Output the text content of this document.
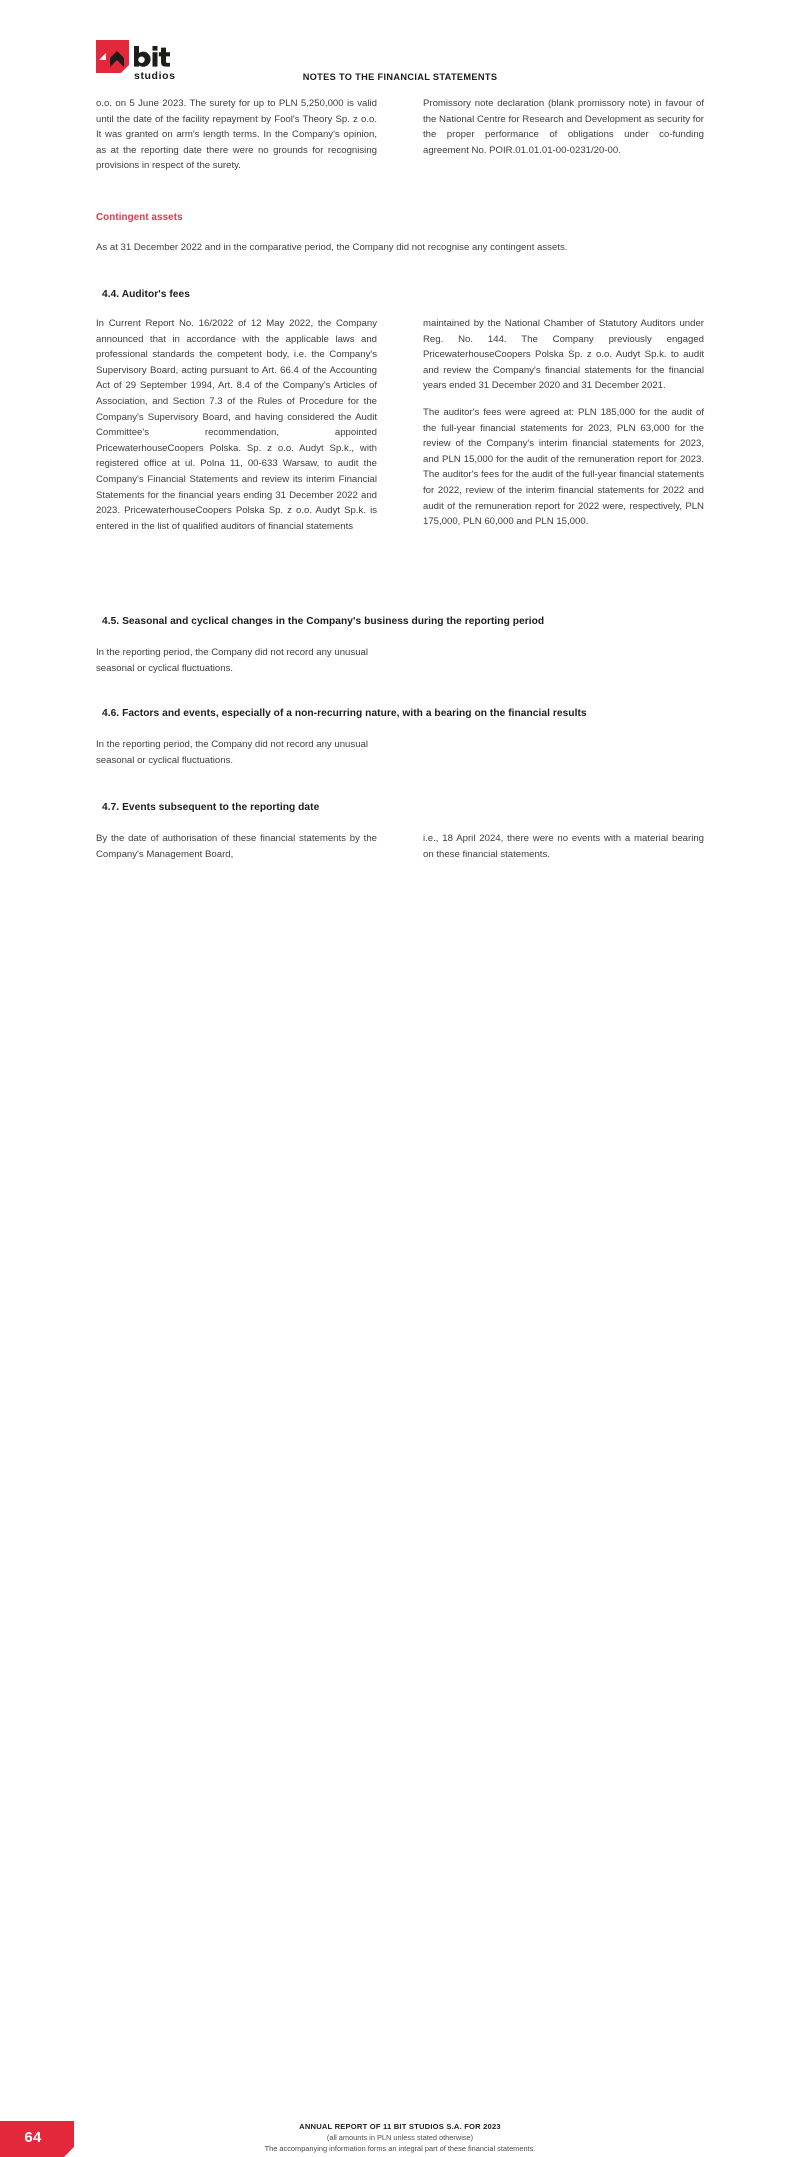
studios	NOTES TO THE FINANCIAL STATEMENTS

o.o. on 5 June 2023. The surety for up to PLN 5,250,000 is valid until the date of the facility repayment by Fool's Theory Sp. z o.o. It was granted on arm's length terms. In the Company's opinion, as at the reporting date there were no grounds for recognising provisions in respect of the surety.

Promissory note declaration (blank promissory note) in favour of the National Centre for Research and Development as security for the proper performance of obligations under co-funding agreement No. POIR.01.01.01-00-0231/20-00.

Contingent assets

As at 31 December 2022 and in the comparative period, the Company did not recognise any contingent assets.

4.4. Auditor's fees

In Current Report No. 16/2022 of 12 May 2022, the Company announced that in accordance with the applicable laws and professional standards the competent body, i.e. the Company's Supervisory Board, acting pursuant to Art. 66.4 of the Accounting Act of 29 September 1994, Art. 8.4 of the Company's Articles of Association, and Section 7.3 of the Rules of Procedure for the Company's Supervisory Board, and having considered the Audit Committee's recommendation, appointed PricewaterhouseCoopers Polska. Sp. z o.o. Audyt Sp.k., with registered office at ul. Polna 11, 00-633 Warsaw, to audit the Company's Financial Statements and review its interim Financial Statements for the financial years ending 31 December 2022 and 2023. PricewaterhouseCoopers Polska Sp. z o.o. Audyt Sp.k. is entered in the list of qualified auditors of financial statements

maintained by the National Chamber of Statutory Auditors under Reg. No. 144. The Company previously engaged PricewaterhouseCoopers Polska Sp. z o.o. Audyt Sp.k. to audit and review the Company's financial statements for the financial years ended 31 December 2020 and 31 December 2021.

The auditor's fees were agreed at: PLN 185,000 for the audit of the full-year financial statements for 2023, PLN 63,000 for the review of the Company's interim financial statements for 2023, and PLN 15,000 for the audit of the remuneration report for 2023. The auditor's fees for the audit of the full-year financial statements for 2022, review of the interim financial statements for 2022 and audit of the remuneration report for 2022 were, respectively, PLN 175,000, PLN 60,000 and PLN 15,000.

4.5. Seasonal and cyclical changes in the Company's business during the reporting period

In the reporting period, the Company did not record any unusual seasonal or cyclical fluctuations.

4.6. Factors and events, especially of a non-recurring nature, with a bearing on the financial results

In the reporting period, the Company did not record any unusual seasonal or cyclical fluctuations.

4.7. Events subsequent to the reporting date

By the date of authorisation of these financial statements by the Company's Management Board,

i.e., 18 April 2024, there were no events with a material bearing on these financial statements.

64
ANNUAL REPORT OF 11 BIT STUDIOS S.A. FOR 2023
(all amounts in PLN unless stated otherwise)
The accompanying information forms an integral part of these financial statements.
